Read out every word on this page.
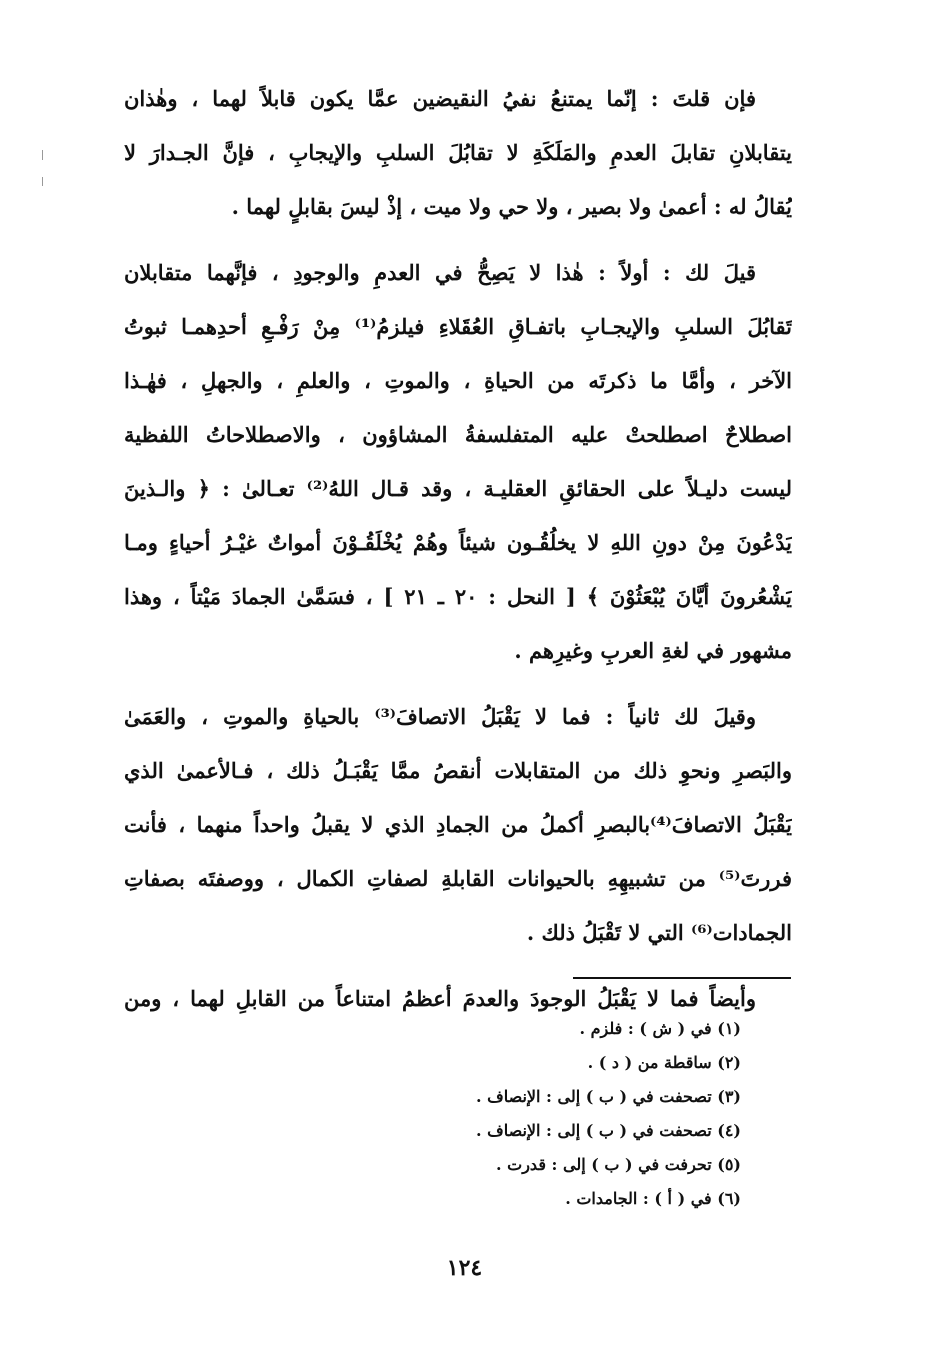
فإن قلتَ : إنّما يمتنعُ نفيُ النقيضين عمَّا يكون قابلاً لهما ، وهٰذان
يتقابلانِ تقابلَ العدمِ والمَلَكَةِ لا تقابُلَ السلبِ والإيجابِ ، فإنَّ الجـدارَ لا
يُقالُ له : أعمىٰ ولا بصير ، ولا حي ولا ميت ، إذْ ليسَ بقابلٍ لهما .
قيلَ لك : أولاً : هٰذا لا يَصِحُّ في العدمِ والوجودِ ، فإنَّهما متقابلان
تَقابُلَ السلبِ والإيجـابِ باتفـاقِ العُقَلاءِ فيلزمُ⁽¹⁾ مِنْ رَفْـعِ أحدِهمـا ثبوتُ
الآخر ، وأمَّا ما ذكرتَه من الحياةِ ، والموتِ ، والعلمِ ، والجهلِ ، فهٰـذا
اصطلاحٌ اصطلحتْ عليه المتفلسفةُ المشاؤون ، والاصطلاحاتُ اللفظية
ليست دليـلاً على الحقائقِ العقليـة ، وقد قـال اللهُ⁽²⁾ تعـالىٰ : ﴿ والـذينَ
يَدْعُونَ مِنْ دونِ اللهِ لا يخلُقُـون شيئاً وهُمْ يُخْلَقُـوْنَ أمواتٌ غيْـرُ أحياءٍ ومـا
يَشْعُرونَ أيَّانَ يُبْعَثُوْنَ ﴾ [ النحل : ٢٠ ـ ٢١ ] ، فسَمَّىٰ الجمادَ مَيْتاً ، وهذا
مشهور في لغةِ العربِ وغيرِهم .
وقيلَ لك ثانياً : فما لا يَقْبَلُ الاتصافَ⁽³⁾ بالحياةِ والموتِ ، والعَمَىٰ
والبَصرِ ونحوِ ذلك من المتقابلات أنقصُ ممَّا يَقْبَـلُ ذلك ، فـالأعمىٰ الذي
يَقْبَلُ الاتصافَ⁽⁴⁾بالبصرِ أكملُ من الجمادِ الذي لا يقبلُ واحداً منهما ، فأنت
فررتَ⁽⁵⁾ من تشبيهِهِ بالحيوانات القابلةِ لصفاتِ الكمال ، ووصفتَه بصفاتِ
الجمادات⁽⁶⁾ التي لا تَقْبَلُ ذلك .
وأيضاً فما لا يَقْبَلُ الوجودَ والعدمَ أعظمُ امتناعاً من القابلِ لهما ، ومن
(١) في ( ش ) : فلزم .
(٢) ساقطة من ( د ) .
(٣) تصحفت في ( ب ) إلى : الإنصاف .
(٤) تصحفت في ( ب ) إلى : الإنصاف .
(٥) تحرفت في ( ب ) إلى : قدرت .
(٦) في ( أ ) : الجامدات .
١٢٤
